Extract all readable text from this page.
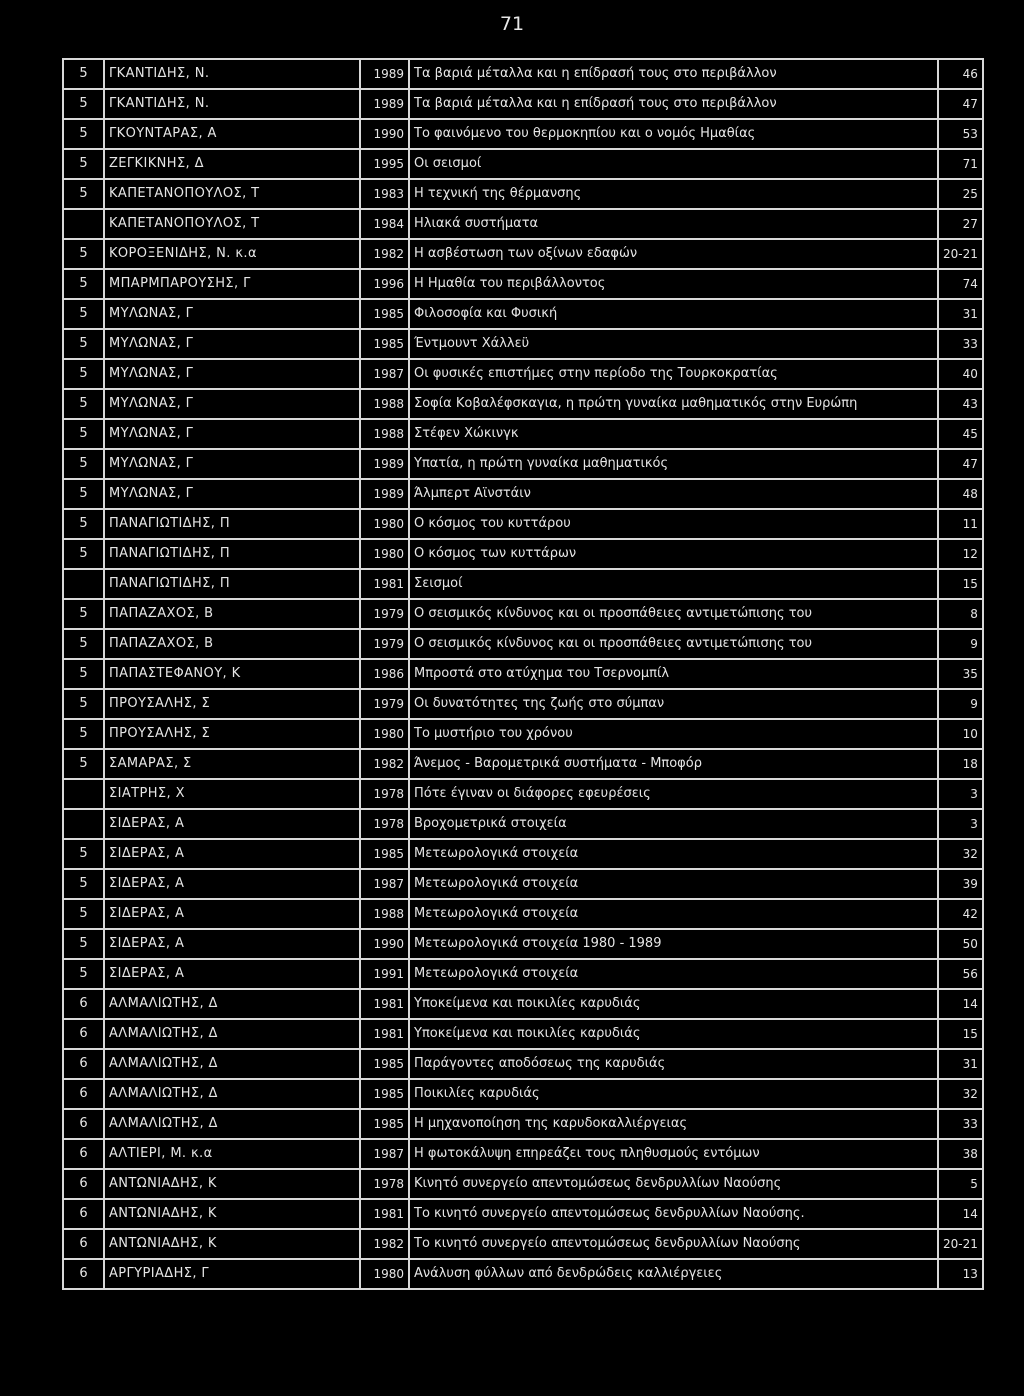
71
5	ΓΚΑΝΤΙΔΗΣ, Ν.	1989	Τα βαριά μέταλλα και η επίδρασή τους στο περιβάλλον	46
5	ΓΚΑΝΤΙΔΗΣ, Ν.	1989	Τα βαριά μέταλλα και η επίδρασή τους στο περιβάλλον	47
5	ΓΚΟΥΝΤΑΡΑΣ, Α	1990	Το φαινόμενο του θερμοκηπίου και ο νομός Ημαθίας	53
5	ΖΕΓΚΙΚΝΗΣ, Δ	1995	Οι σεισμοί	71
5	ΚΑΠΕΤΑΝΟΠΟΥΛΟΣ, Τ	1983	Η τεχνική της θέρμανσης	25
	ΚΑΠΕΤΑΝΟΠΟΥΛΟΣ, Τ	1984	Ηλιακά συστήματα	27
5	ΚΟΡΟΞΕΝΙΔΗΣ, Ν. κ.α	1982	Η ασβέστωση των οξίνων εδαφών	20-21
5	ΜΠΑΡΜΠΑΡΟΥΣΗΣ, Γ	1996	Η Ημαθία του περιβάλλοντος	74
5	ΜΥΛΩΝΑΣ, Γ	1985	Φιλοσοφία και Φυσική	31
5	ΜΥΛΩΝΑΣ, Γ	1985	Έντμουντ Χάλλεϋ	33
5	ΜΥΛΩΝΑΣ, Γ	1987	Οι φυσικές επιστήμες στην περίοδο της Τουρκοκρατίας	40
5	ΜΥΛΩΝΑΣ, Γ	1988	Σοφία Κοβαλέφσκαγια, η πρώτη γυναίκα μαθηματικός στην Ευρώπη	43
5	ΜΥΛΩΝΑΣ, Γ	1988	Στέφεν Χώκινγκ	45
5	ΜΥΛΩΝΑΣ, Γ	1989	Υπατία, η πρώτη γυναίκα μαθηματικός	47
5	ΜΥΛΩΝΑΣ, Γ	1989	Άλμπερτ Αϊνστάιν	48
5	ΠΑΝΑΓΙΩΤΙΔΗΣ, Π	1980	Ο κόσμος του κυττάρου	11
5	ΠΑΝΑΓΙΩΤΙΔΗΣ, Π	1980	Ο κόσμος των κυττάρων	12
	ΠΑΝΑΓΙΩΤΙΔΗΣ, Π	1981	Σεισμοί	15
5	ΠΑΠΑΖΑΧΟΣ, Β	1979	Ο σεισμικός κίνδυνος και οι προσπάθειες αντιμετώπισης του	8
5	ΠΑΠΑΖΑΧΟΣ, Β	1979	Ο σεισμικός κίνδυνος και οι προσπάθειες αντιμετώπισης του	9
5	ΠΑΠΑΣΤΕΦΑΝΟΥ, Κ	1986	Μπροστά στο ατύχημα του Τσερνομπίλ	35
5	ΠΡΟΥΣΑΛΗΣ, Σ	1979	Οι δυνατότητες της ζωής στο σύμπαν	9
5	ΠΡΟΥΣΑΛΗΣ, Σ	1980	Το μυστήριο του χρόνου	10
5	ΣΑΜΑΡΑΣ, Σ	1982	Άνεμος - Βαρομετρικά συστήματα - Μποφόρ	18
	ΣΙΑΤΡΗΣ, Χ	1978	Πότε έγιναν οι διάφορες εφευρέσεις	3
	ΣΙΔΕΡΑΣ, Α	1978	Βροχομετρικά στοιχεία	3
5	ΣΙΔΕΡΑΣ, Α	1985	Μετεωρολογικά στοιχεία	32
5	ΣΙΔΕΡΑΣ, Α	1987	Μετεωρολογικά στοιχεία	39
5	ΣΙΔΕΡΑΣ, Α	1988	Μετεωρολογικά στοιχεία	42
5	ΣΙΔΕΡΑΣ, Α	1990	Μετεωρολογικά στοιχεία 1980 - 1989	50
5	ΣΙΔΕΡΑΣ, Α	1991	Μετεωρολογικά στοιχεία	56
6	ΑΛΜΑΛΙΩΤΗΣ, Δ	1981	Υποκείμενα και ποικιλίες καρυδιάς	14
6	ΑΛΜΑΛΙΩΤΗΣ, Δ	1981	Υποκείμενα και ποικιλίες καρυδιάς	15
6	ΑΛΜΑΛΙΩΤΗΣ, Δ	1985	Παράγοντες αποδόσεως της καρυδιάς	31
6	ΑΛΜΑΛΙΩΤΗΣ, Δ	1985	Ποικιλίες καρυδιάς	32
6	ΑΛΜΑΛΙΩΤΗΣ, Δ	1985	Η μηχανοποίηση της καρυδοκαλλιέργειας	33
6	ΑΛΤΙΕΡΙ, Μ. κ.α	1987	Η φωτοκάλυψη επηρεάζει τους πληθυσμούς εντόμων	38
6	ΑΝΤΩΝΙΑΔΗΣ, Κ	1978	Κινητό συνεργείο απεντομώσεως δενδρυλλίων Ναούσης	5
6	ΑΝΤΩΝΙΑΔΗΣ, Κ	1981	Το κινητό συνεργείο απεντομώσεως δενδρυλλίων Ναούσης.	14
6	ΑΝΤΩΝΙΑΔΗΣ, Κ	1982	Το κινητό συνεργείο απεντομώσεως δενδρυλλίων Ναούσης	20-21
6	ΑΡΓΥΡΙΑΔΗΣ, Γ	1980	Ανάλυση φύλλων από δενδρώδεις καλλιέργειες	13
